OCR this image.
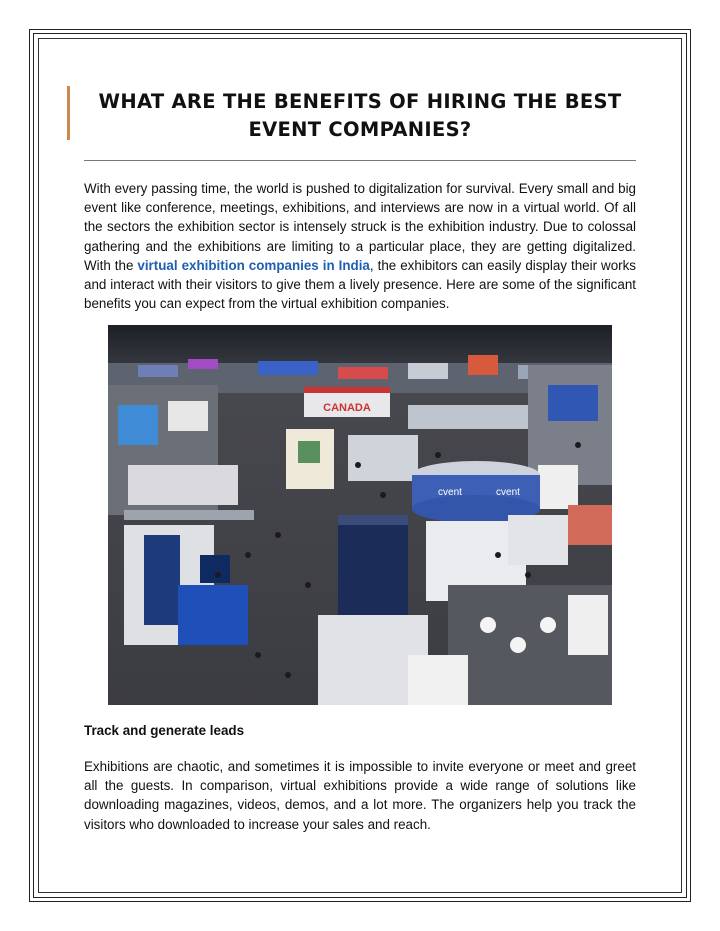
WHAT ARE THE BENEFITS OF HIRING THE BEST
EVENT COMPANIES?

With every passing time, the world is pushed to digitalization for survival. Every small and big event like conference, meetings, exhibitions, and interviews are now in a virtual world. Of all the sectors the exhibition sector is intensely struck is the exhibition industry. Due to colossal gathering and the exhibitions are limiting to a particular place, they are getting digitalized. With the virtual exhibition companies in India, the exhibitors can easily display their works and interact with their visitors to give them a lively presence. Here are some of the significant benefits you can expect from the virtual exhibition companies.

CANADA
cvent	cvent

Track and generate leads

Exhibitions are chaotic, and sometimes it is impossible to invite everyone or meet and greet all the guests. In comparison, virtual exhibitions provide a wide range of solutions like downloading magazines, videos, demos, and a lot more. The organizers help you track the visitors who downloaded to increase your sales and reach.
